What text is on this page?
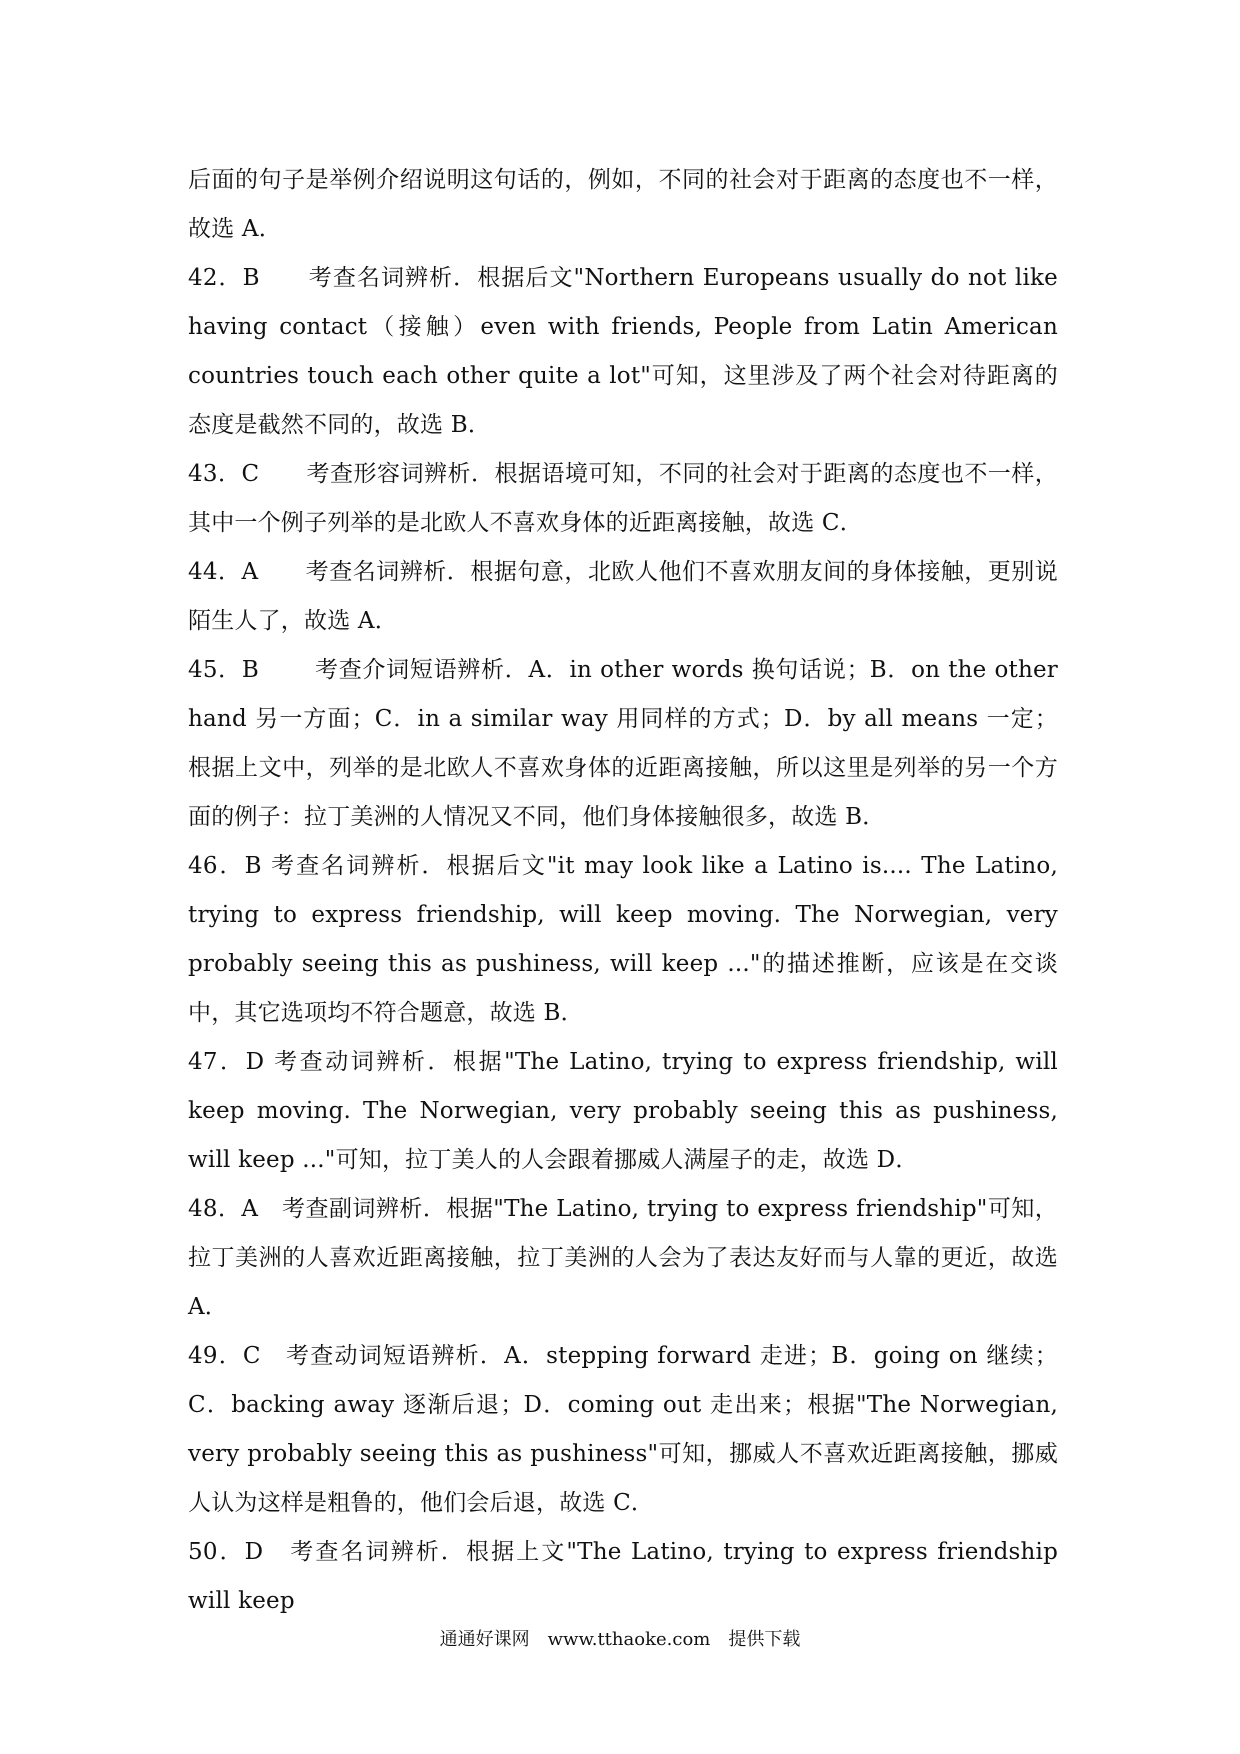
后面的句子是举例介绍说明这句话的，例如，不同的社会对于距离的态度也不一样，故选 A．

42．B　　考查名词辨析．根据后文"Northern Europeans usually do not like having contact（接触）even with friends, People from Latin American countries touch each other quite a lot"可知，这里涉及了两个社会对待距离的态度是截然不同的，故选 B．

43．C　　考查形容词辨析．根据语境可知，不同的社会对于距离的态度也不一样，其中一个例子列举的是北欧人不喜欢身体的近距离接触，故选 C．

44．A　　考查名词辨析．根据句意，北欧人他们不喜欢朋友间的身体接触，更别说陌生人了，故选 A．

45．B　　 考查介词短语辨析．A．in other words 换句话说；B．on the other hand 另一方面；C．in a similar way 用同样的方式；D．by all means 一定；根据上文中，列举的是北欧人不喜欢身体的近距离接触，所以这里是列举的另一个方面的例子：拉丁美洲的人情况又不同，他们身体接触很多，故选 B．

46．B 考查名词辨析．根据后文"it may look like a Latino is.... The Latino, trying to express friendship, will keep moving. The Norwegian, very probably seeing this as pushiness, will keep ..."的描述推断，应该是在交谈中，其它选项均不符合题意，故选 B．

47．D 考查动词辨析．根据"The Latino, trying to express friendship, will keep moving. The Norwegian, very probably seeing this as pushiness, will keep ..."可知，拉丁美人的人会跟着挪威人满屋子的走，故选 D．

48．A　考查副词辨析．根据"The Latino, trying to express friendship"可知，拉丁美洲的人喜欢近距离接触，拉丁美洲的人会为了表达友好而与人靠的更近，故选 A．

49．C　考查动词短语辨析．A．stepping forward 走进；B．going on 继续；C．backing away 逐渐后退；D．coming out 走出来；根据"The Norwegian, very probably seeing this as pushiness"可知，挪威人不喜欢近距离接触，挪威人认为这样是粗鲁的，他们会后退，故选 C．

50．D　考查名词辨析．根据上文"The Latino, trying to express friendship will keep

通通好课网　www.tthaoke.com　提供下载
